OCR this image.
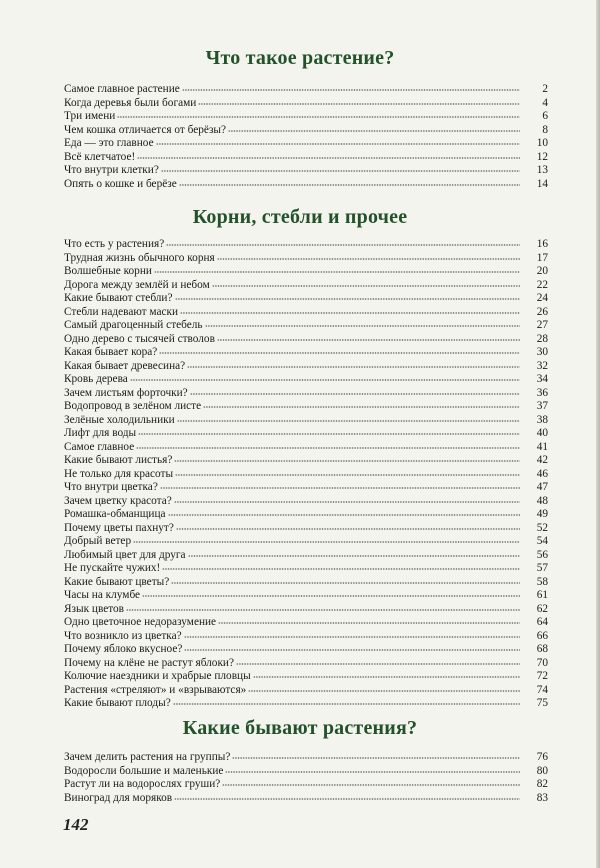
Что такое растение?
Самое главное растение	2
Когда деревья были богами	4
Три имени	6
Чем кошка отличается от берёзы?	8
Еда — это главное	10
Всё клетчатое!	12
Что внутри клетки?	13
Опять о кошке и берёзе	14
Корни, стебли и прочее
Что есть у растения?	16
Трудная жизнь обычного корня	17
Волшебные корни	20
Дорога между землёй и небом	22
Какие бывают стебли?	24
Стебли надевают маски	26
Самый драгоценный стебель	27
Одно дерево с тысячей стволов	28
Какая бывает кора?	30
Какая бывает древесина?	32
Кровь дерева	34
Зачем листьям форточки?	36
Водопровод в зелёном листе	37
Зелёные холодильники	38
Лифт для воды	40
Самое главное	41
Какие бывают листья?	42
Не только для красоты	46
Что внутри цветка?	47
Зачем цветку красота?	48
Ромашка-обманщица	49
Почему цветы пахнут?	52
Добрый ветер	54
Любимый цвет для друга	56
Не пускайте чужих!	57
Какие бывают цветы?	58
Часы на клумбе	61
Язык цветов	62
Одно цветочное недоразумение	64
Что возникло из цветка?	66
Почему яблоко вкусное?	68
Почему на клёне не растут яблоки?	70
Колючие наездники и храбрые пловцы	72
Растения «стреляют» и «взрываются»	74
Какие бывают плоды?	75
Какие бывают растения?
Зачем делить растения на группы?	76
Водоросли большие и маленькие	80
Растут ли на водорослях груши?	82
Виноград для моряков	83
142
